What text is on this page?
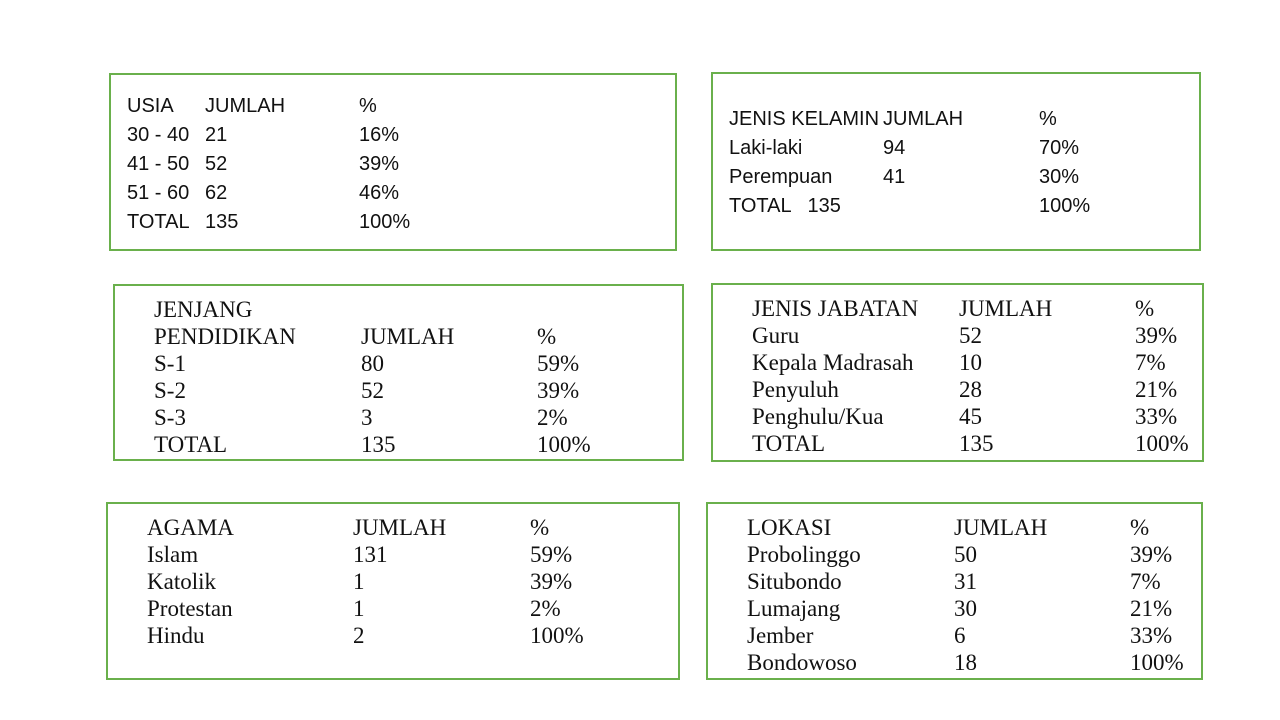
USIA JUMLAH	%
30 - 40 21	16%
41 - 50 52	39%
51 - 60 62	46%
TOTAL 135	100%
JENIS KELAMIN JUMLAH	%
Laki-laki	94	70%
Perempuan	41	30%
TOTAL   135	100%
JENJANG
PENDIDIKAN	JUMLAH	%
S-1	80	59%
S-2	52	39%
S-3	3	2%
TOTAL	135	100%
JENIS JABATAN JUMLAH	%
Guru	52	39%
Kepala Madrasah 10	7%
Penyuluh	28	21%
Penghulu/Kua	45	33%
TOTAL	135	100%
AGAMA	JUMLAH	%
Islam	131	59%
Katolik	1	39%
Protestan	1	2%
Hindu	2	100%
LOKASI	JUMLAH	%
Probolinggo	50	39%
Situbondo	31	7%
Lumajang	30	21%
Jember	6	33%
Bondowoso	18	100%
